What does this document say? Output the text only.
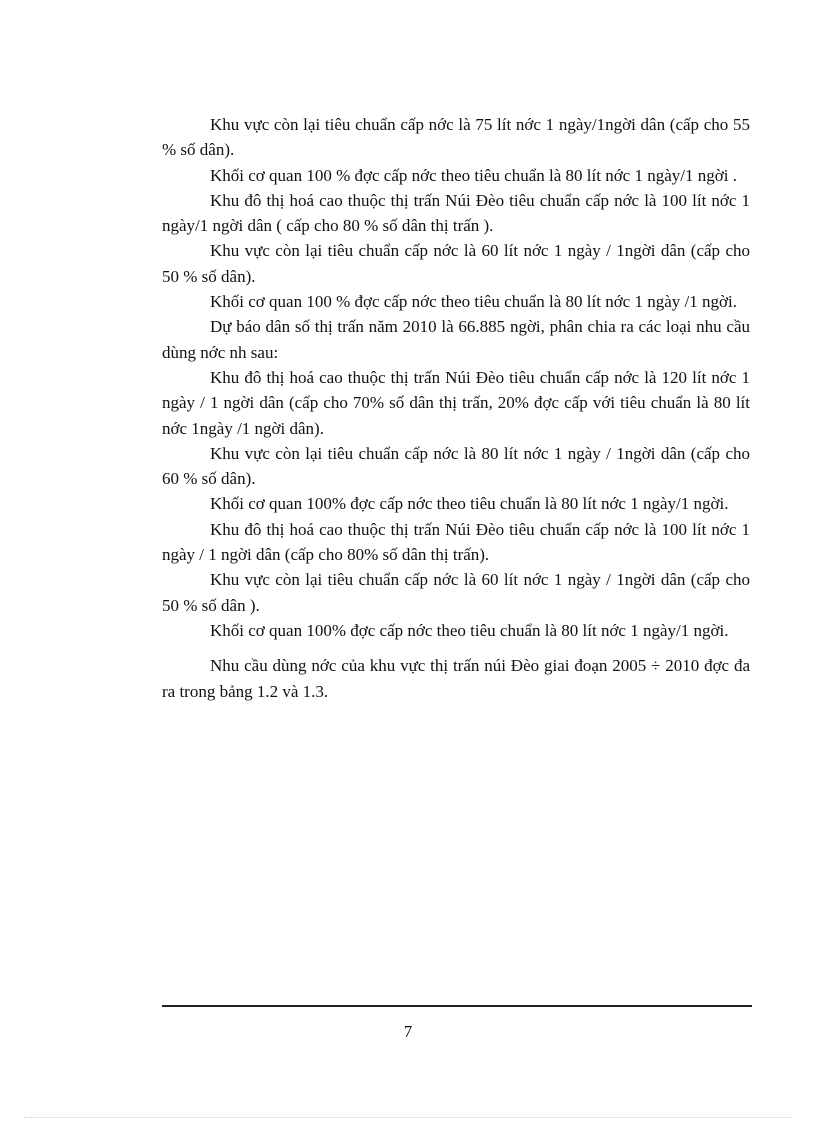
Khu vực còn lại tiêu chuẩn cấp nớc là 75 lít nớc 1 ngày/1ngời dân (cấp cho 55 % số dân).

Khối cơ quan 100 % đợc cấp nớc theo tiêu chuẩn là 80 lít nớc 1 ngày/1 ngời .

Khu đô thị hoá cao thuộc thị trấn Núi Đèo tiêu chuẩn cấp nớc là 100 lít nớc 1 ngày/1 ngời dân ( cấp cho 80 % số dân thị trấn ).

Khu vực còn lại tiêu chuẩn cấp nớc là 60 lít nớc 1 ngày / 1ngời dân (cấp cho 50 % số dân).

Khối cơ quan 100 % đợc cấp nớc theo tiêu chuẩn là 80 lít nớc 1 ngày /1 ngời.

Dự báo dân số thị trấn năm 2010 là 66.885 ngời, phân chia ra các loại nhu cầu dùng nớc nh sau:

Khu đô thị hoá cao thuộc thị trấn Núi Đèo tiêu chuẩn cấp nớc là 120 lít nớc 1 ngày / 1 ngời dân (cấp cho 70% số dân thị trấn, 20% đợc cấp với tiêu chuẩn là 80 lít nớc 1ngày /1 ngời dân).

Khu vực còn lại tiêu chuẩn cấp nớc là 80 lít nớc 1 ngày / 1ngời dân (cấp cho 60 % số dân).

Khối cơ quan 100% đợc cấp nớc theo tiêu chuẩn là 80 lít nớc 1 ngày/1 ngời.

Khu đô thị hoá cao thuộc thị trấn Núi Đèo tiêu chuẩn cấp nớc là 100 lít nớc 1 ngày / 1 ngời dân (cấp cho 80% số dân thị trấn).

Khu vực còn lại tiêu chuẩn cấp nớc là 60 lít nớc 1 ngày / 1ngời dân (cấp cho 50 % số dân ).

Khối cơ quan 100% đợc cấp nớc theo tiêu chuẩn là 80 lít nớc 1 ngày/1 ngời.

Nhu cầu dùng nớc của khu vực thị trấn núi Đèo giai đoạn 2005 ÷ 2010 đợc đa ra trong bảng 1.2 và 1.3.

7
